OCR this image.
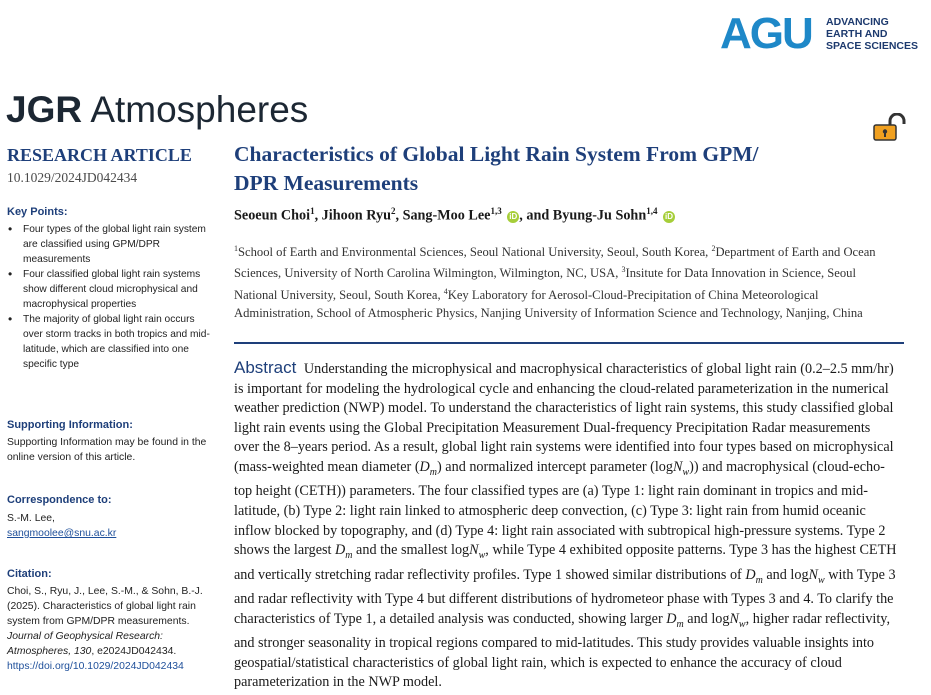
AGU ADVANCING
EARTH AND
SPACE SCIENCES
JGR Atmospheres
RESEARCH ARTICLE
10.1029/2024JD042434
Key Points:
• Four types of the global light rain system are classified using GPM/DPR measurements
• Four classified global light rain systems show different cloud microphysical and macrophysical properties
• The majority of global light rain occurs over storm tracks in both tropics and mid-latitude, which are classified into one specific type
Supporting Information:
Supporting Information may be found in the online version of this article.
Correspondence to:
S.-M. Lee,
sangmoolee@snu.ac.kr
Citation:
Choi, S., Ryu, J., Lee, S.-M., & Sohn, B.-J. (2025). Characteristics of global light rain system from GPM/DPR measurements. Journal of Geophysical Research: Atmospheres, 130, e2024JD042434.
https://doi.org/10.1029/2024JD042434
Characteristics of Global Light Rain System From GPM/
DPR Measurements
Seoeun Choi$^1$, Jihoon Ryu$^2$, Sang-Moo Lee$^{1,3}$ iD , and Byung-Ju Sohn$^{1,4}$ iD
$^1$School of Earth and Environmental Sciences, Seoul National University, Seoul, South Korea, $^2$Department of Earth and Ocean Sciences, University of North Carolina Wilmington, Wilmington, NC, USA, $^3$Insitute for Data Innovation in Science, Seoul National University, Seoul, South Korea, $^4$Key Laboratory for Aerosol-Cloud-Precipitation of China Meteorological Administration, School of Atmospheric Physics, Nanjing University of Information Science and Technology, Nanjing, China
Abstract Understanding the microphysical and macrophysical characteristics of global light rain (0.2–2.5 mm/hr) is important for modeling the hydrological cycle and enhancing the cloud-related parameterization in the numerical weather prediction (NWP) model. To understand the characteristics of light rain systems, this study classified global light rain events using the Global Precipitation Measurement Dual-frequency Precipitation Radar measurements over the 8–years period. As a result, global light rain systems were identified into four types based on microphysical (mass-weighted mean diameter $(D_m)$ and normalized intercept parameter (logN$_w$)) and macrophysical (cloud-echo-top height (CETH)) parameters. The four classified types are (a) Type 1: light rain dominant in tropics and mid-latitude, (b) Type 2: light rain linked to atmospheric deep convection, (c) Type 3: light rain from humid oceanic inflow blocked by topography, and (d) Type 4: light rain associated with subtropical high-pressure systems. Type 2 shows the largest $D_m$ and the smallest logN$_w$, while Type 4 exhibited opposite patterns. Type 3 has the highest CETH and vertically stretching radar reflectivity profiles. Type 1 showed similar distributions of $D_m$ and logN$_w$ with Type 3 and radar reflectivity with Type 4 but different distributions of hydrometeor phase with Types 3 and 4. To clarify the characteristics of Type 1, a detailed analysis was conducted, showing larger $D_m$ and logN$_w$, higher radar reflectivity, and stronger seasonality in tropical regions compared to mid-latitudes. This study provides valuable insights into geospatial/statistical characteristics of global light rain, which is expected to enhance the accuracy of cloud parameterization in the NWP model.
